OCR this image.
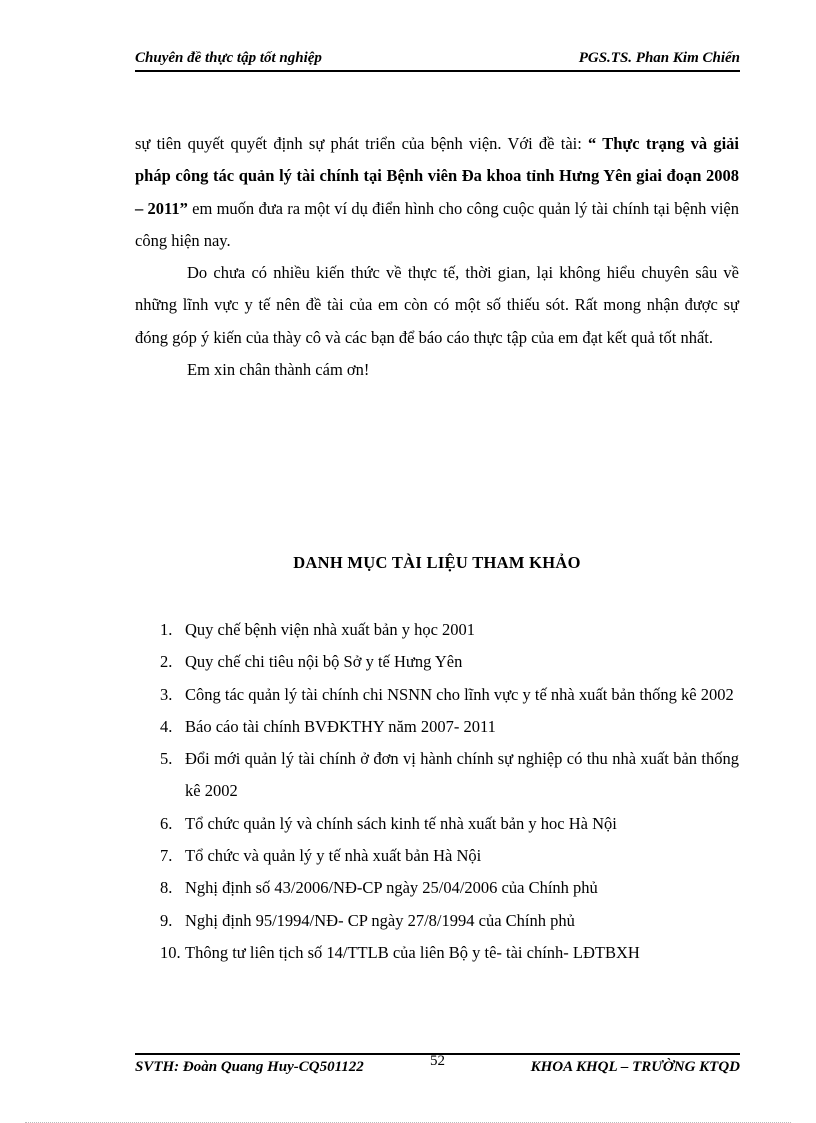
Chuyên đề thực tập tốt nghiệp	PGS.TS. Phan Kim Chiến

sự tiên quyết quyết định sự phát triển của bệnh viện. Với đề tài: “ Thực trạng và giải pháp công tác quản lý tài chính tại Bệnh viên Đa khoa tỉnh Hưng Yên giai đoạn 2008 – 2011” em muốn đưa ra một ví dụ điển hình cho công cuộc quản lý tài chính tại bệnh viện công hiện nay.

Do chưa có nhiều kiến thức về thực tế, thời gian, lại không hiểu chuyên sâu về những lĩnh vực y tế nên đề tài của em còn có một số thiếu sót. Rất mong nhận được sự đóng góp ý kiến của thày cô và các bạn để báo cáo thực tập của em đạt kết quả tốt nhất.

Em xin chân thành cám ơn!

DANH MỤC TÀI LIỆU THAM KHẢO
1. Quy chế bệnh viện nhà xuất bản y học 2001
2. Quy chế chi tiêu nội bộ Sở y tế Hưng Yên
3. Công tác quản lý tài chính chi NSNN cho lĩnh vực y tế nhà xuất bản thống kê 2002
4. Báo cáo tài chính BVĐKTHY năm 2007- 2011
5. Đổi mới quản lý tài chính ở đơn vị hành chính sự nghiệp có thu nhà xuất bản thống kê 2002
6. Tổ chức quản lý và chính sách kinh tế nhà xuất bản y hoc Hà Nội
7. Tổ chức và quản lý y tế nhà xuất bản Hà Nội
8. Nghị định số 43/2006/NĐ-CP ngày 25/04/2006 của Chính phủ
9. Nghị định 95/1994/NĐ- CP ngày 27/8/1994 của Chính phủ
10. Thông tư liên tịch số 14/TTLB của liên Bộ y tê- tài chính- LĐTBXH
SVTH: Đoàn Quang Huy-CQ501122	52	KHOA KHQL – TRƯỜNG KTQD
